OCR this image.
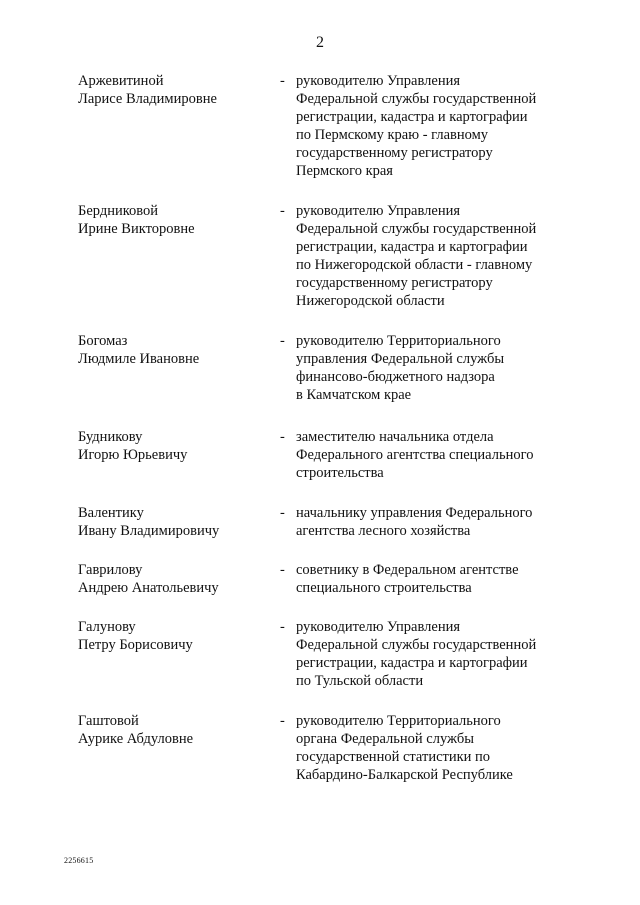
2
Аржевитиной
Ларисе Владимировне
- руководителю Управления
Федеральной службы государственной
регистрации, кадастра и картографии
по Пермскому краю - главному
государственному регистратору
Пермского края
Бердниковой
Ирине Викторовне
- руководителю Управления
Федеральной службы государственной
регистрации, кадастра и картографии
по Нижегородской области - главному
государственному регистратору
Нижегородской области
Богомаз
Людмиле Ивановне
- руководителю Территориального
управления Федеральной службы
финансово-бюджетного надзора
в Камчатском крае
Будникову
Игорю Юрьевичу
- заместителю начальника отдела
Федерального агентства специального
строительства
Валентику
Ивану Владимировичу
- начальнику управления Федерального
агентства лесного хозяйства
Гаврилову
Андрею Анатольевичу
- советнику в Федеральном агентстве
специального строительства
Галунову
Петру Борисовичу
- руководителю Управления
Федеральной службы государственной
регистрации, кадастра и картографии
по Тульской области
Гаштовой
Аурике Абдуловне
- руководителю Территориального
органа Федеральной службы
государственной статистики по
Кабардино-Балкарской Республике
2256615
